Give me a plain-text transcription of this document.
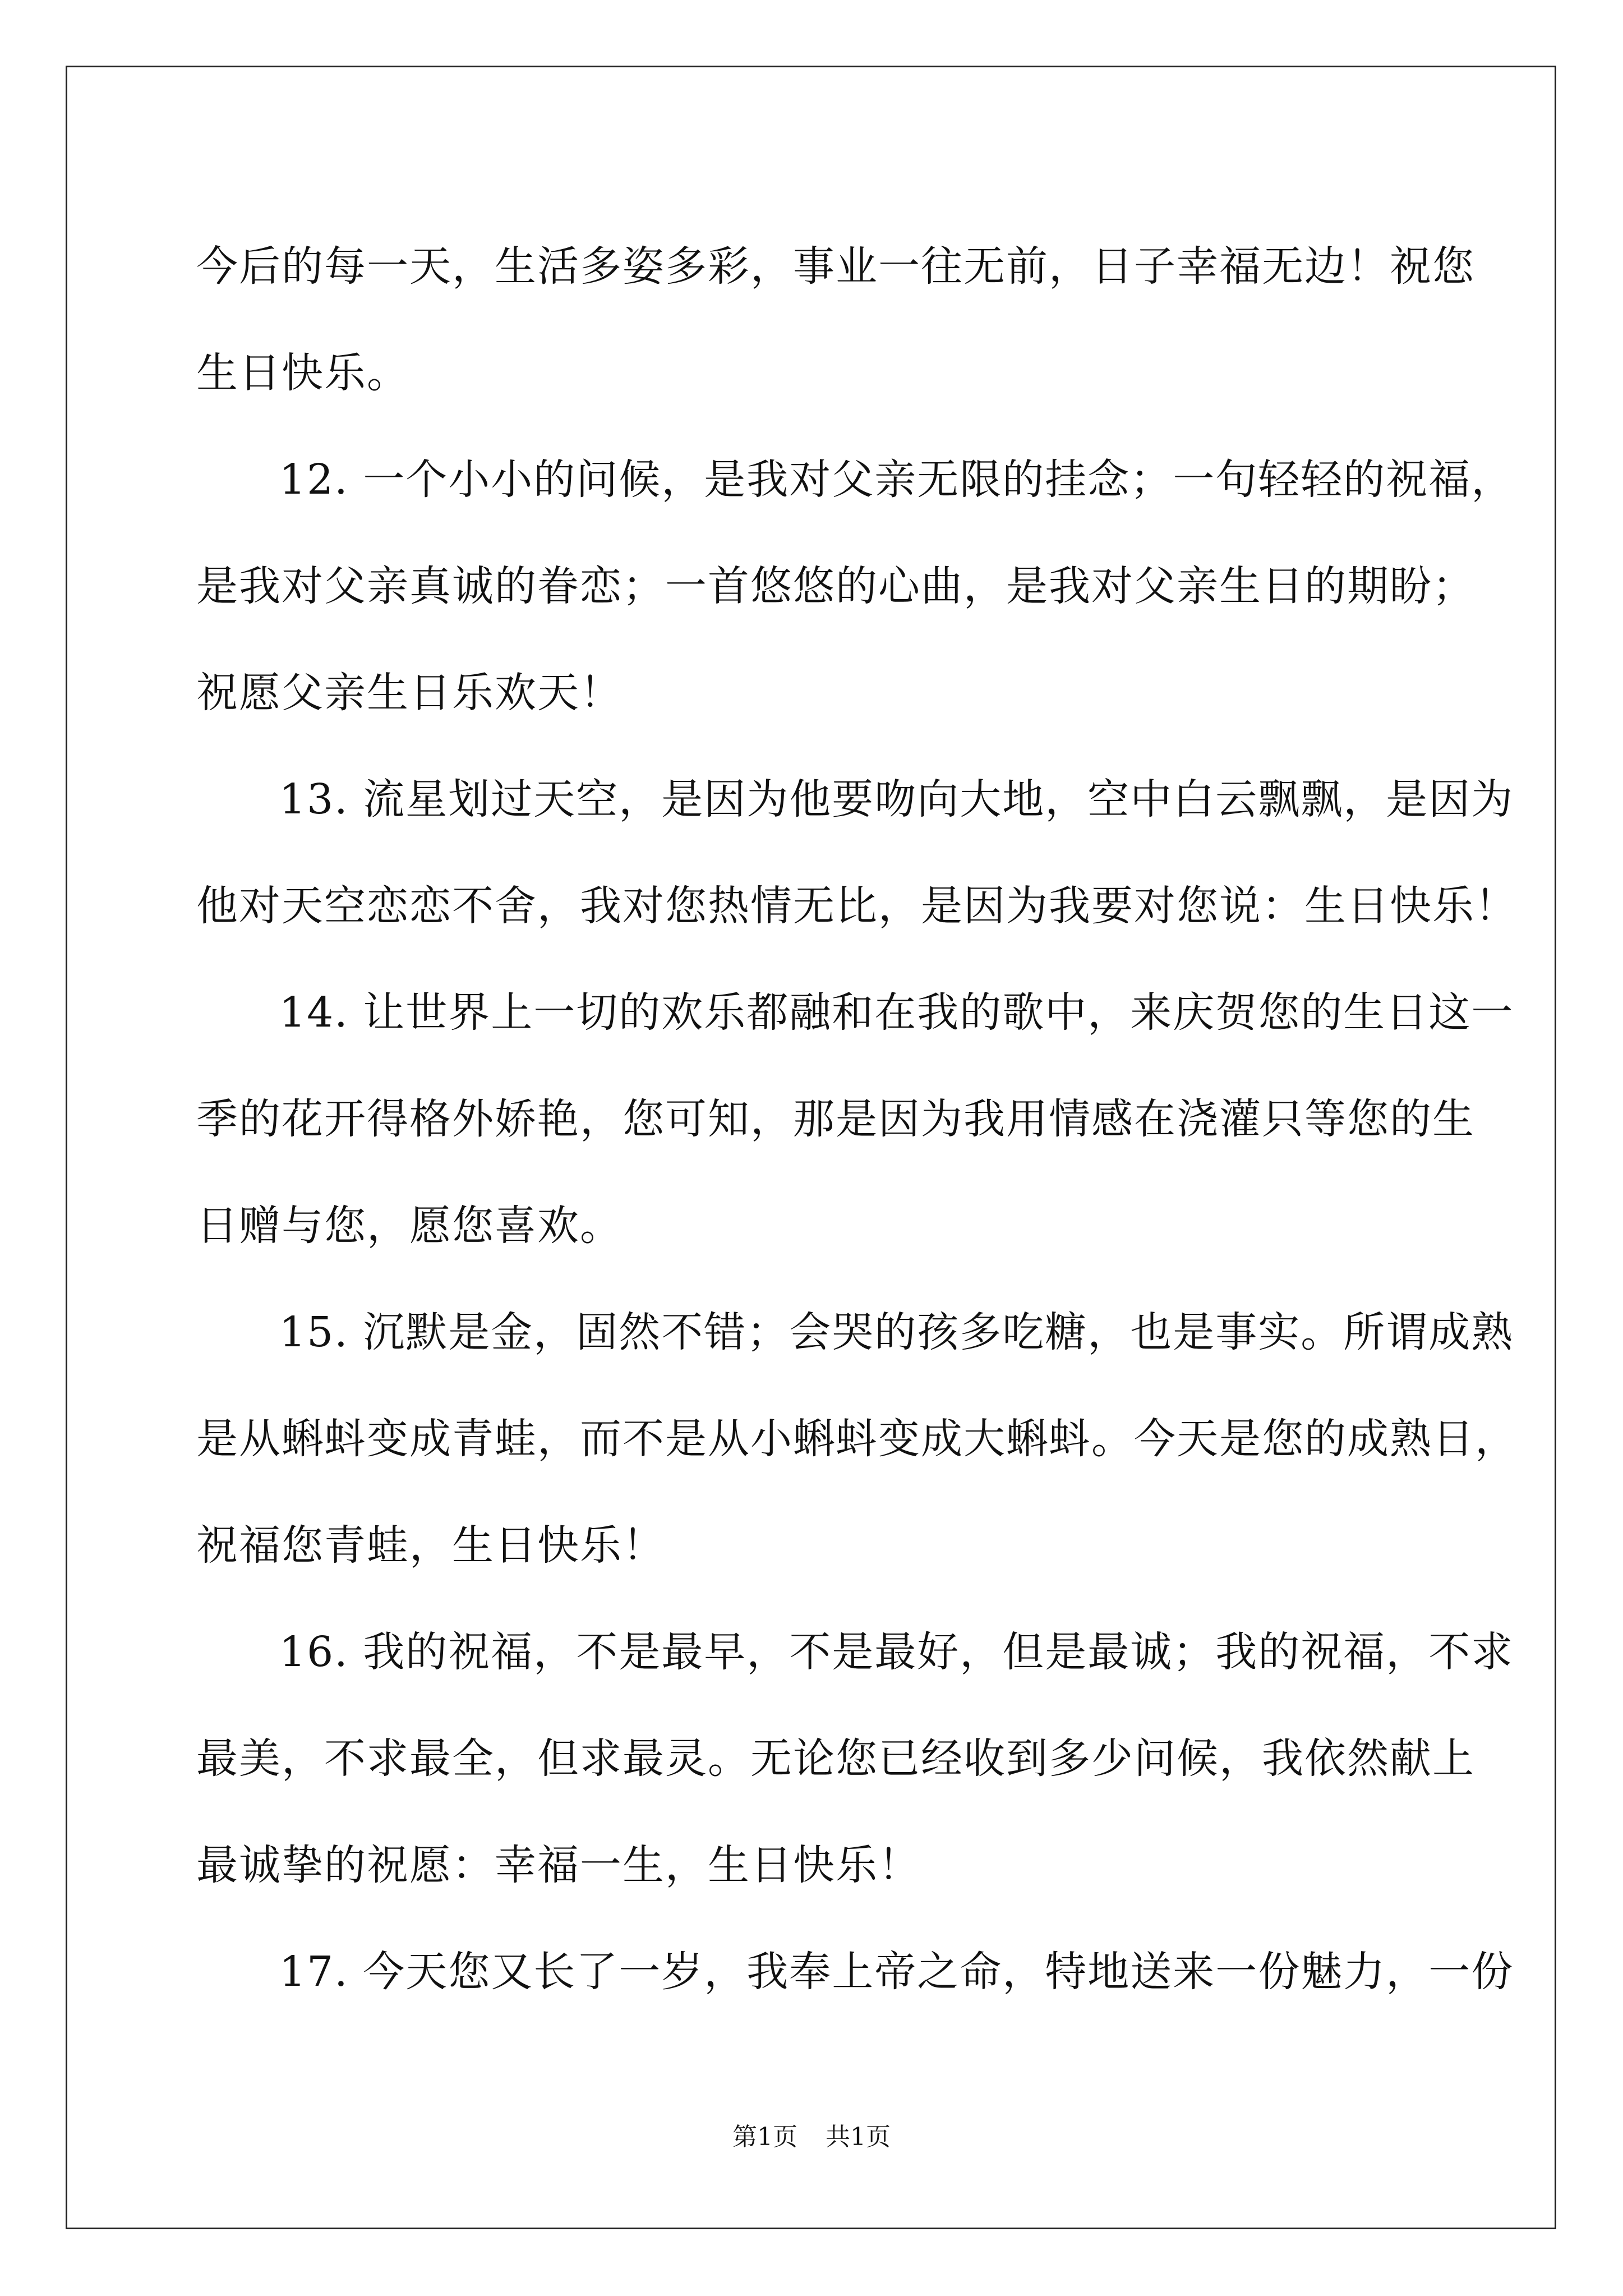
今后的每一天，生活多姿多彩，事业一往无前，日子幸福无边！祝您
生日快乐。
12. 一个小小的问候，是我对父亲无限的挂念；一句轻轻的祝福，
是我对父亲真诚的眷恋；一首悠悠的心曲，是我对父亲生日的期盼；
祝愿父亲生日乐欢天！
13. 流星划过天空，是因为他要吻向大地，空中白云飘飘，是因为
他对天空恋恋不舍，我对您热情无比，是因为我要对您说：生日快乐！
14. 让世界上一切的欢乐都融和在我的歌中，来庆贺您的生日这一
季的花开得格外娇艳，您可知，那是因为我用情感在浇灌只等您的生
日赠与您，愿您喜欢。
15. 沉默是金，固然不错；会哭的孩多吃糖，也是事实。所谓成熟
是从蝌蚪变成青蛙，而不是从小蝌蚪变成大蝌蚪。今天是您的成熟日，
祝福您青蛙，生日快乐！
16. 我的祝福，不是最早，不是最好，但是最诚；我的祝福，不求
最美，不求最全，但求最灵。无论您已经收到多少问候，我依然献上
最诚挚的祝愿：幸福一生，生日快乐！
17. 今天您又长了一岁，我奉上帝之命，特地送来一份魅力，一份
第1页 共1页
